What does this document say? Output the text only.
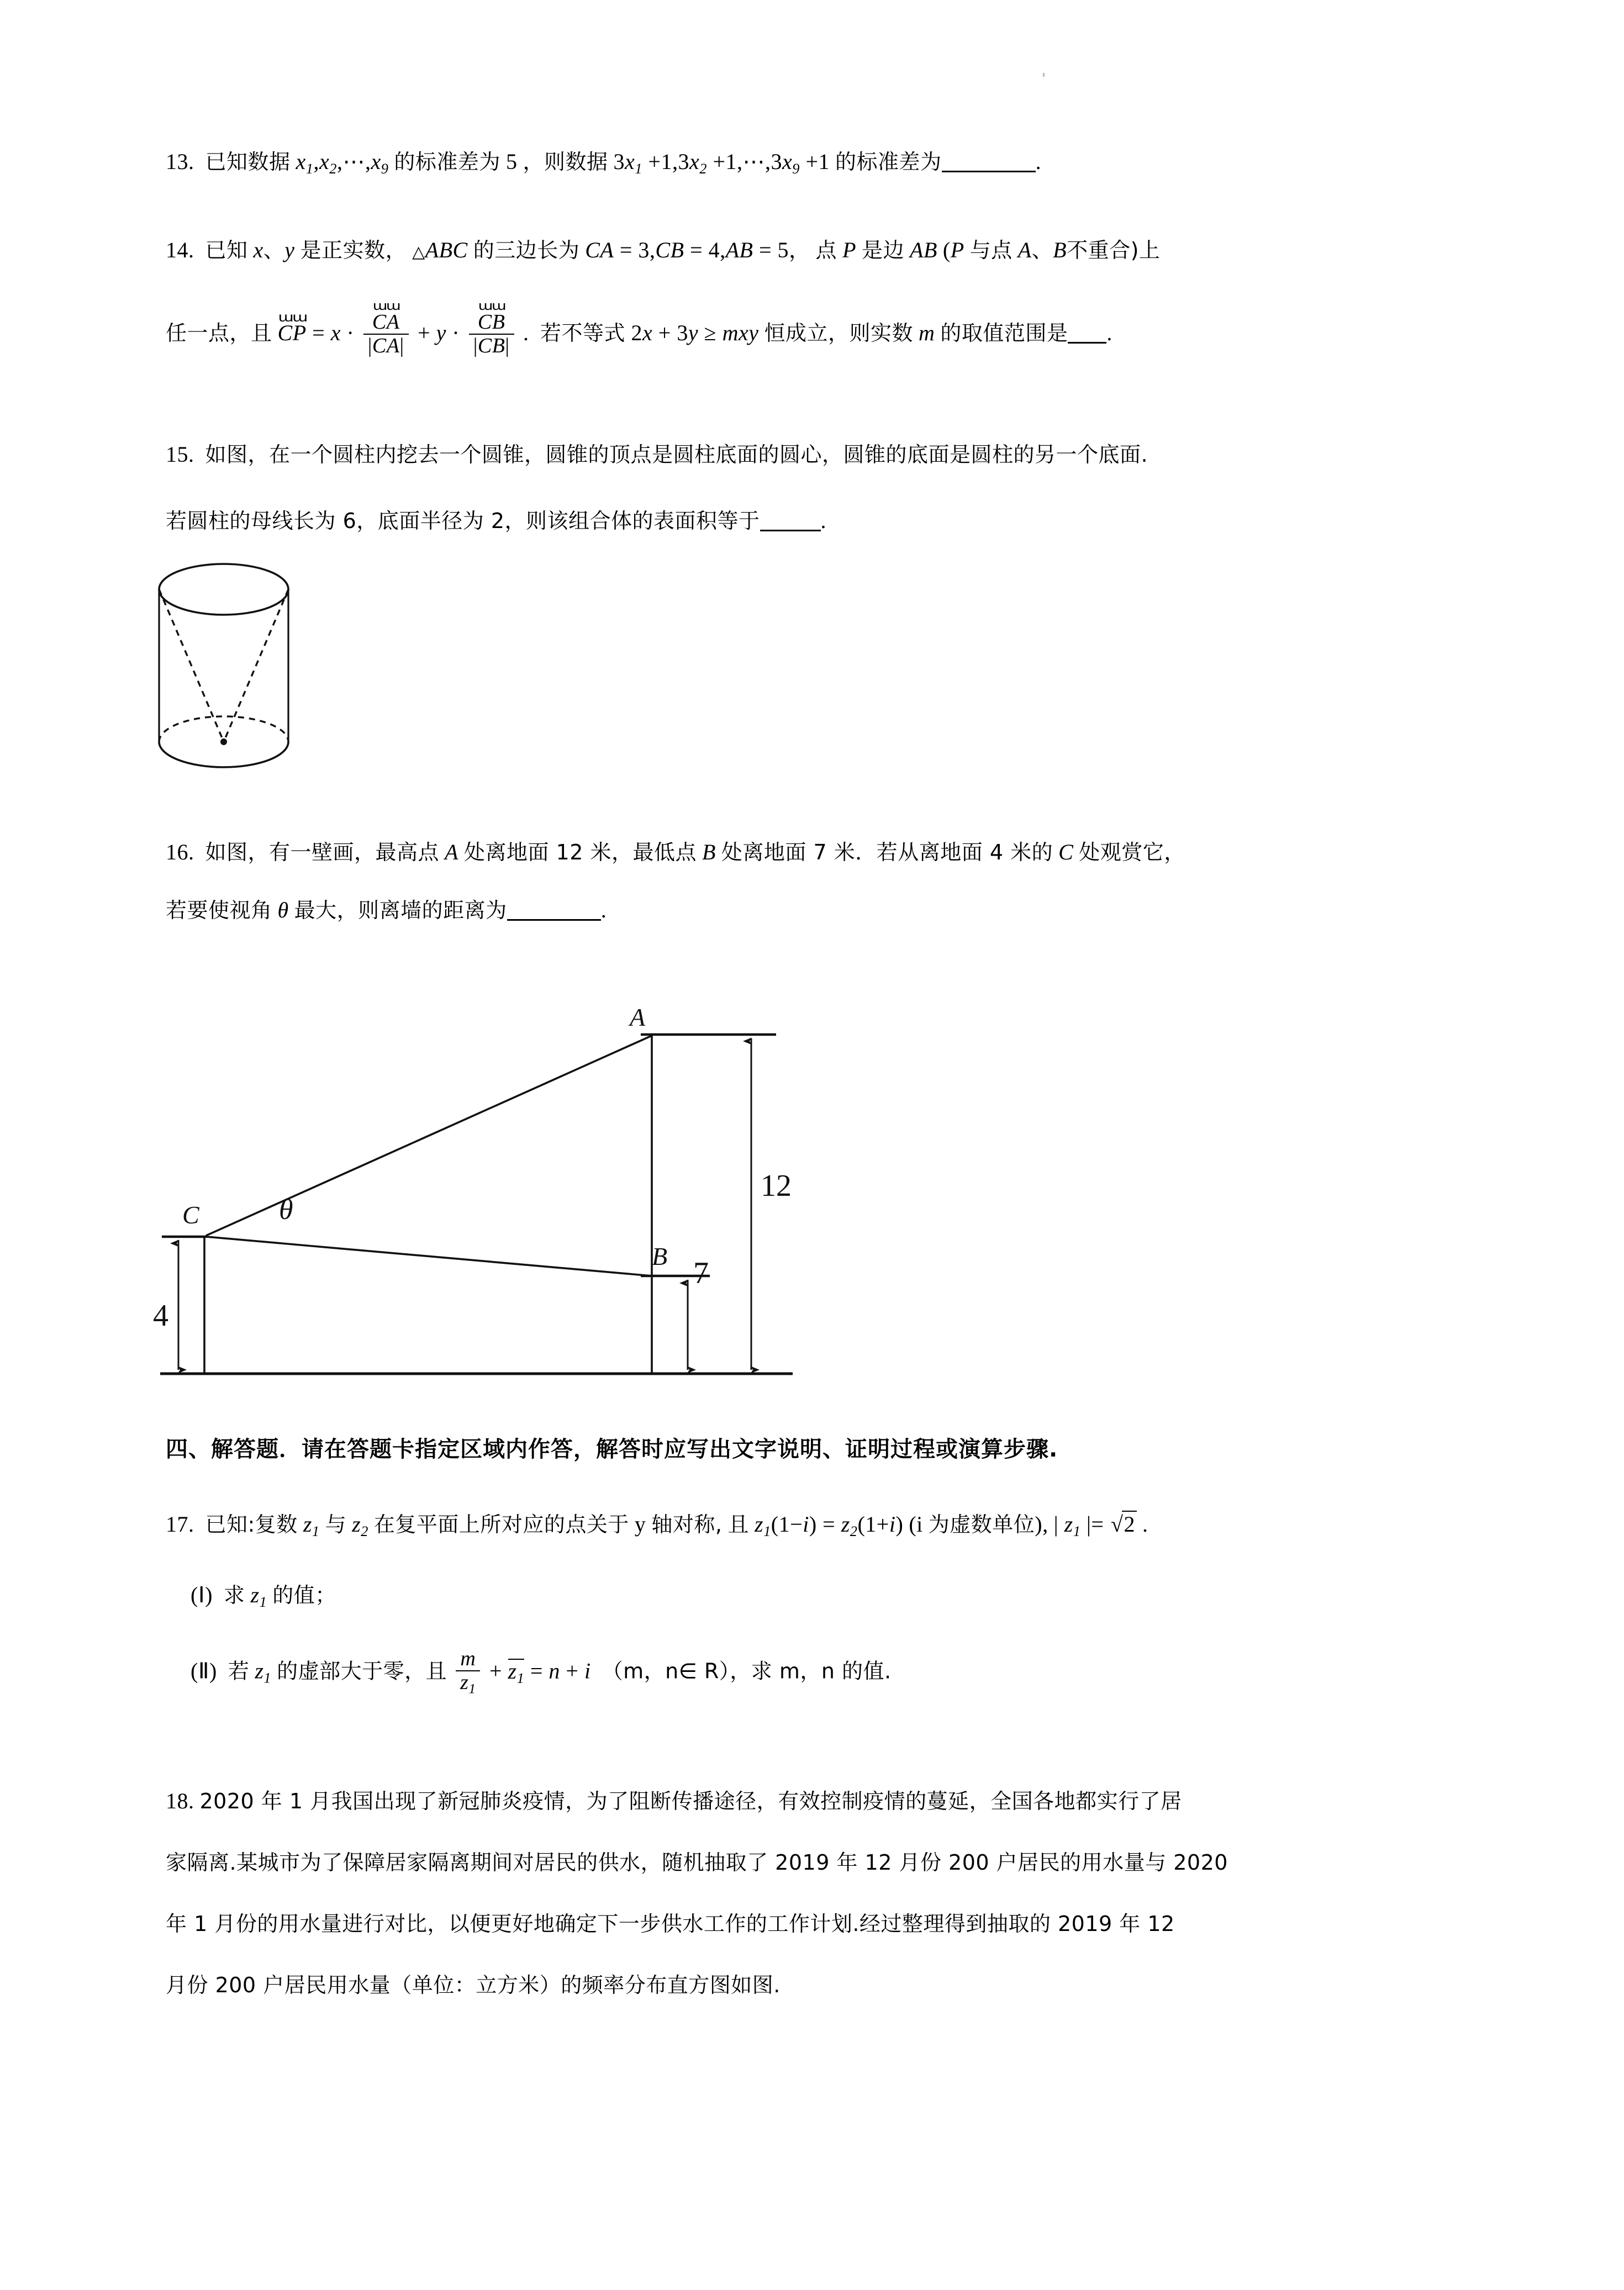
13. 已知数据 $x_1,x_2,\cdots,x_9$ 的标准差为 5 ，则数据 $3x_1 +1,3x_2$ $+1,\cdots,3x_9 +1$ 的标准差为	.
14. 已知 x、y 是正实数， △ABC 的三边长为 CA = 3,CB = 4,AB = 5， 点 P 是边 AB (P 与点 A、B不重合)上
任一点，且
ɯɯ
CP = x · ɯɯ
CA
|CA| + y · ɯɯ
CB
|CB| . 若不等式 2x + 3y ≥ mxy 恒成立，则实数 m 的取值范围是 .
15. 如图，在一个圆柱内挖去一个圆锥，圆锥的顶点是圆柱底面的圆心，圆锥的底面是圆柱的另一个底面.
若圆柱的母线长为 6，底面半径为 2，则该组合体的表面积等于	.
16. 如图，有一壁画，最高点 A 处离地面 12 米，最低点 B 处离地面 7 米．若从离地面 4 米的 C 处观赏它，
若要使视角 θ 最大，则离墙的距离为	.
A
B
C	θ
12
7
4
四、解答题．请在答题卡指定区域内作答，解答时应写出文字说明、证明过程或演算步骤.
17. 已知:复数 $z_1$ 与 $z_2$ 在复平面上所对应的点关于 y 轴对称, 且 $z_1(1-i) = z_2(1+i)$ (i 为虚数单位), | $z_1$ |= √2 .
(Ⅰ) 求 $z_1$ 的值；
(Ⅱ) 若 $z_1$ 的虚部大于零，且 $\frac{m}{z_1} + z_1 = n + i$ （m，n∈ R），求 m，n 的值.
18. 2020 年 1 月我国出现了新冠肺炎疫情，为了阻断传播途径，有效控制疫情的蔓延，全国各地都实行了居
家隔离.某城市为了保障居家隔离期间对居民的供水，随机抽取了 2019 年 12 月份 200 户居民的用水量与 2020
年 1 月份的用水量进行对比，以便更好地确定下一步供水工作的工作计划.经过整理得到抽取的 2019 年 12
月份 200 户居民用水量（单位：立方米）的频率分布直方图如图.
